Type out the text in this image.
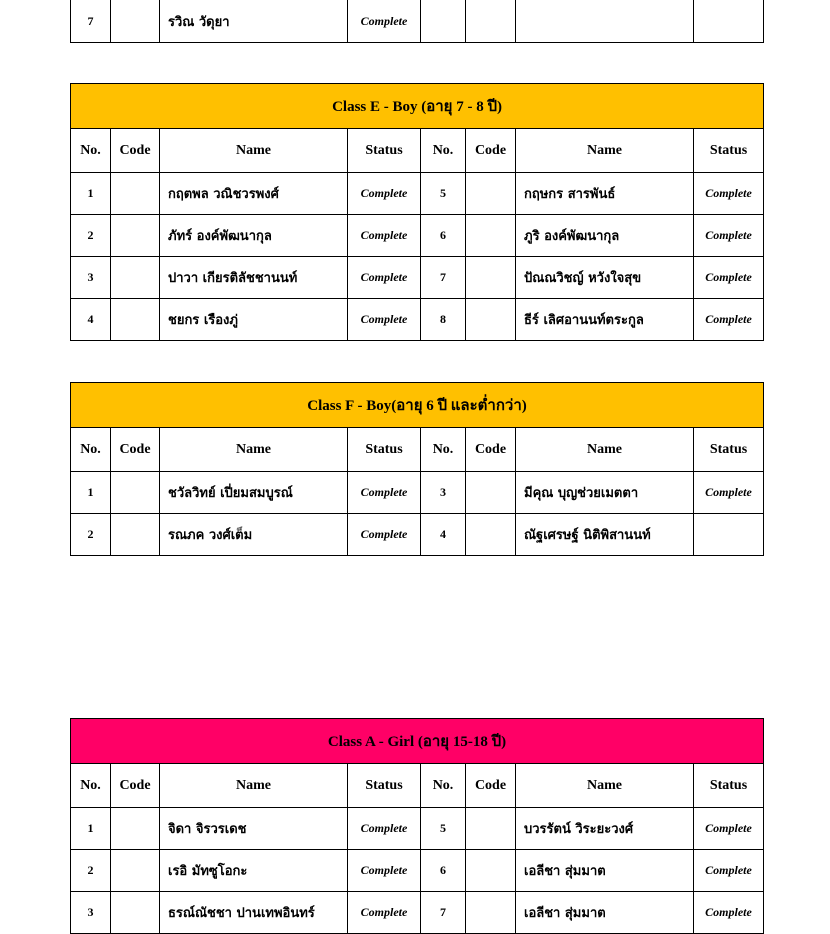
7		รวิณ วัดุยา	Complete				
Class E - Boy (อายุ 7 - 8 ปี)							
No.	Code	Name	Status	No.	Code	Name	Status
1		กฤตพล วณิชวรพงศ์	Complete	5		กฤษกร สารพันธ์	Complete
2		ภัทร์ องค์พัฒนากุล	Complete	6		ภูริ องค์พัฒนากุล	Complete
3		ปาวา เกียรติลัชชานนท์	Complete	7		ปัณณวิชญ์ หวังใจสุข	Complete
4		ชยกร เรืองภู่	Complete	8		ธีร์ เลิศอานนท์ตระกูล	Complete
Class F - Boy(อายุ 6 ปี และต่ำกว่า)							
No.	Code	Name	Status	No.	Code	Name	Status
1		ชวัลวิทย์ เปี่ยมสมบูรณ์	Complete	3		มีคุณ บุญช่วยเมตตา	Complete
2		รณภค วงศ์เต็ม	Complete	4		ณัฐเศรษฐ์ นิติพิสานนท์	
Class A - Girl (อายุ 15-18 ปี)							
No.	Code	Name	Status	No.	Code	Name	Status
1		จิดา จิรวรเดช	Complete	5		บวรรัตน์ วิระยะวงศ์	Complete
2		เรอิ มัทซูโอกะ	Complete	6		เอลีชา สุ่มมาต	Complete
3		ธรณ์ณัชชา ปานเทพอินทร์	Complete	7		เอลีชา สุ่มมาต	Complete
